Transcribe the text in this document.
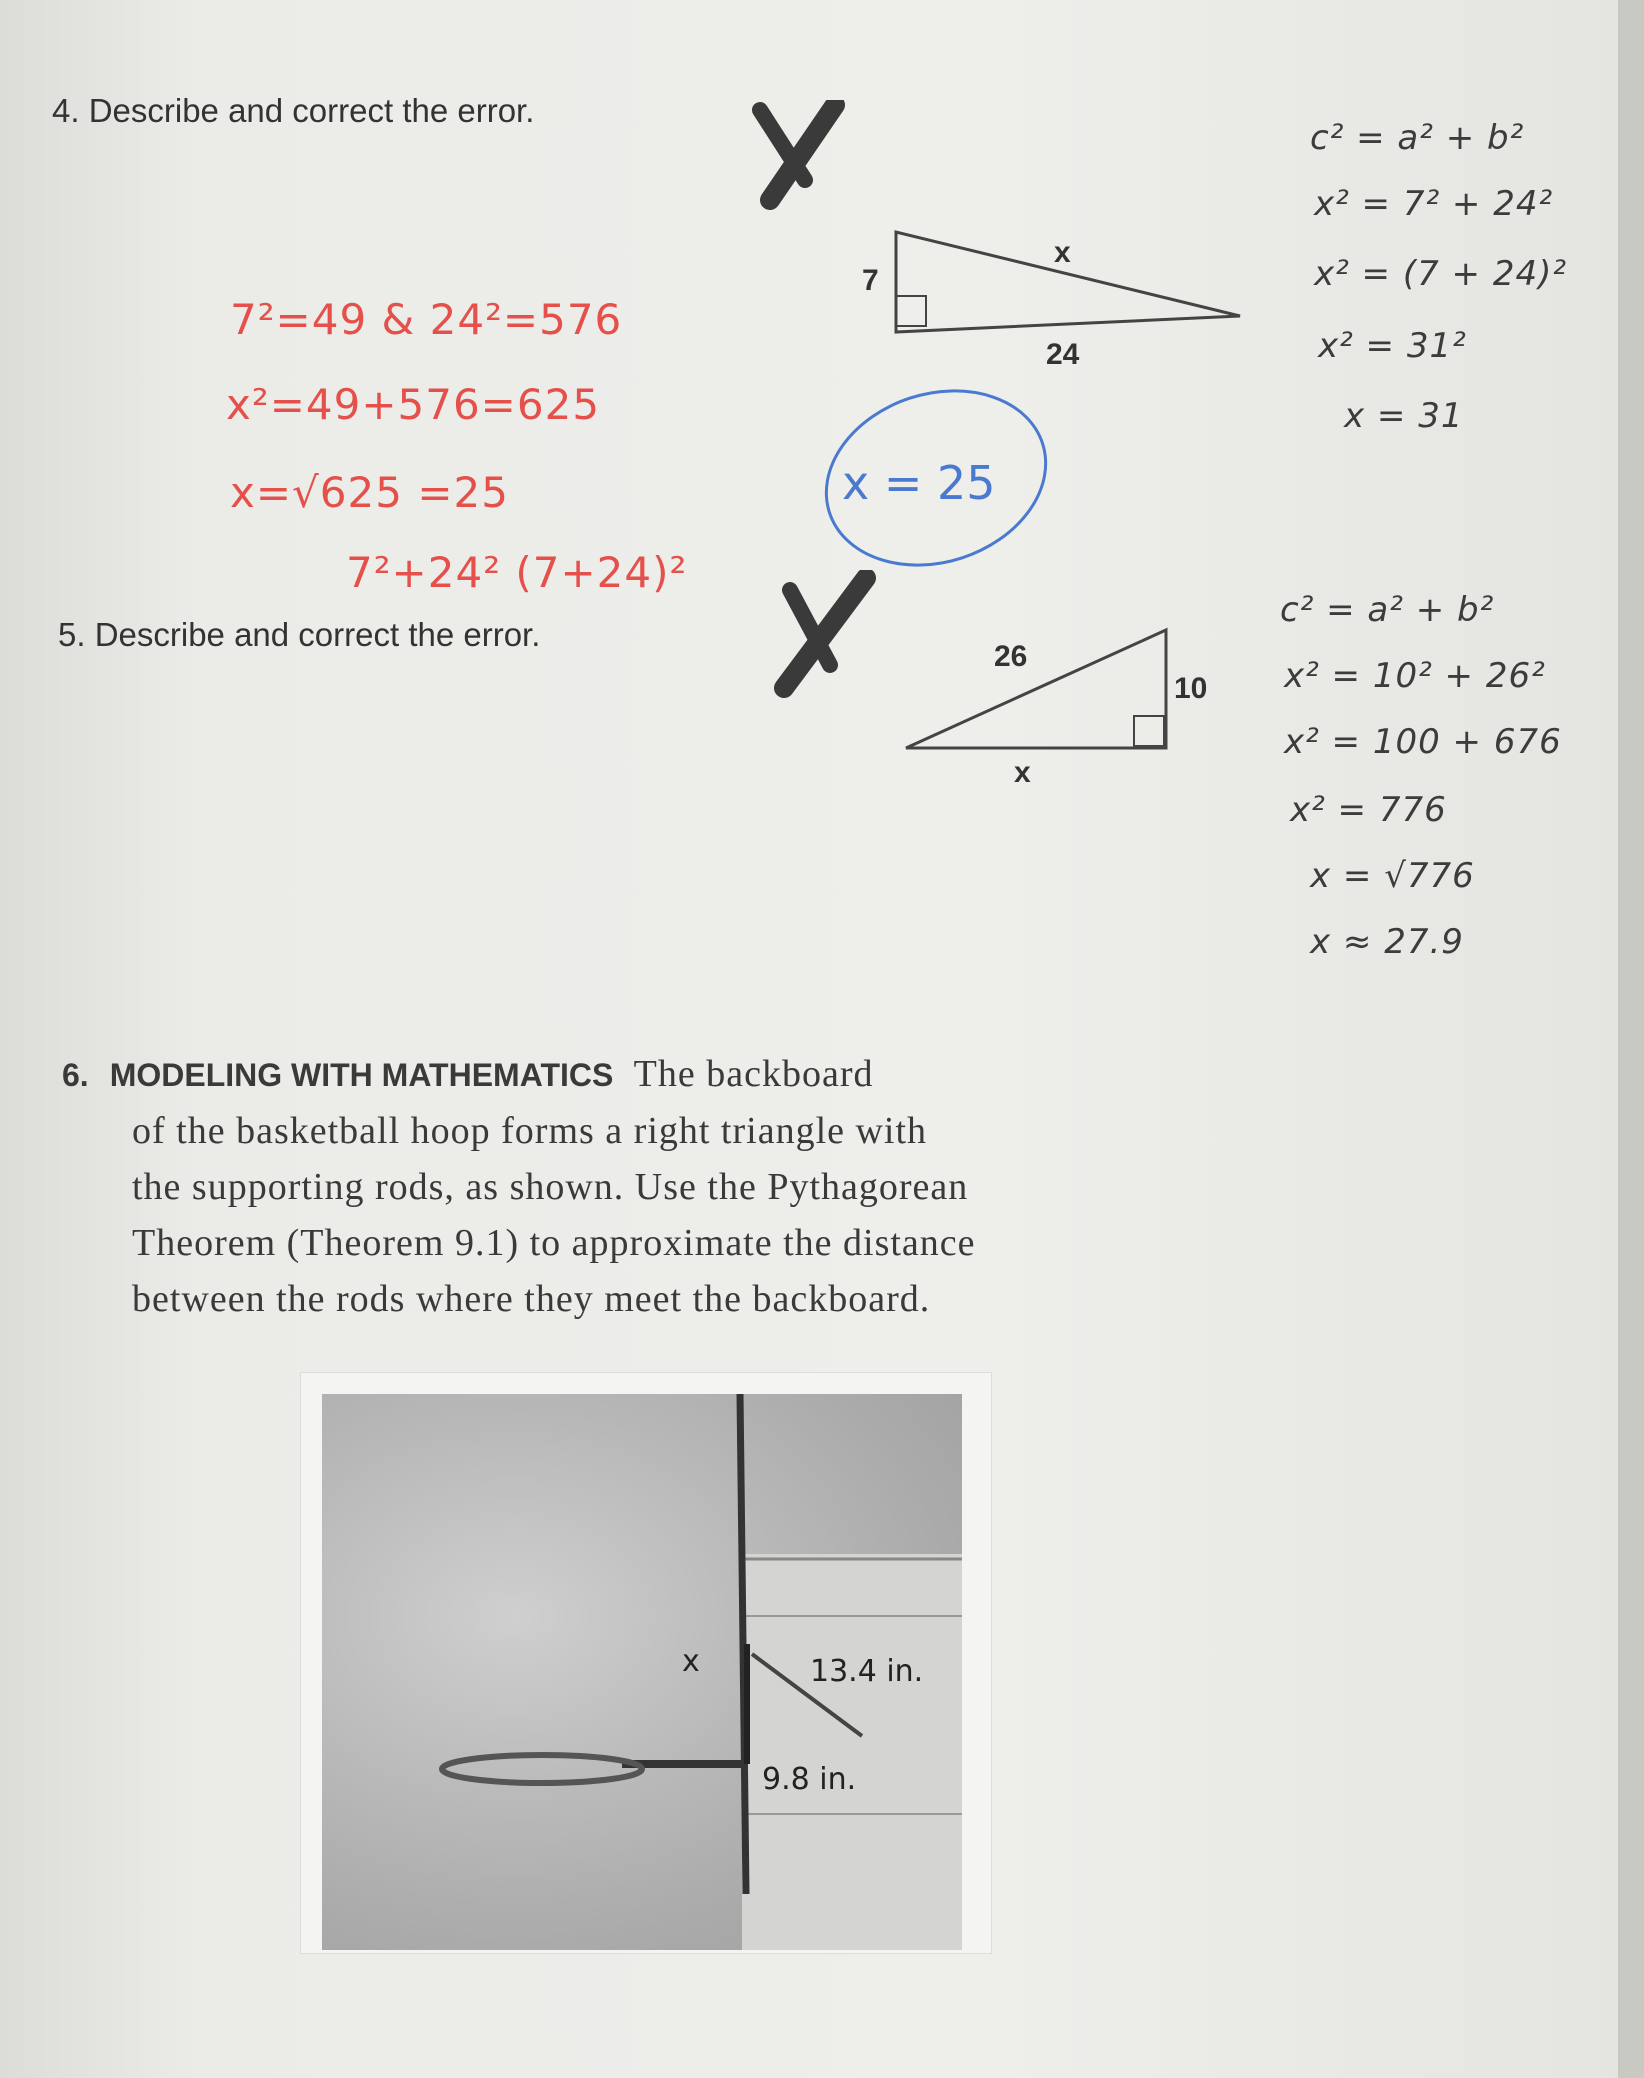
4. Describe and correct the error.
7
x
24
c² = a² + b²
x² = 7² + 24²
x² = (7 + 24)²
x² = 31²
x = 31
7²=49 & 24²=576
x²=49+576=625
x=√625 =25
7²+24² (7+24)²
x = 25
5. Describe and correct the error.
26
10
x
c² = a² + b²
x² = 10² + 26²
x² = 100 + 676
x² = 776
x = √776
x ≈ 27.9
6. MODELING WITH MATHEMATICS The backboard
of the basketball hoop forms a right triangle with
the supporting rods, as shown. Use the Pythagorean
Theorem (Theorem 9.1) to approximate the distance
between the rods where they meet the backboard.
x	13.4 in.
9.8 in.
